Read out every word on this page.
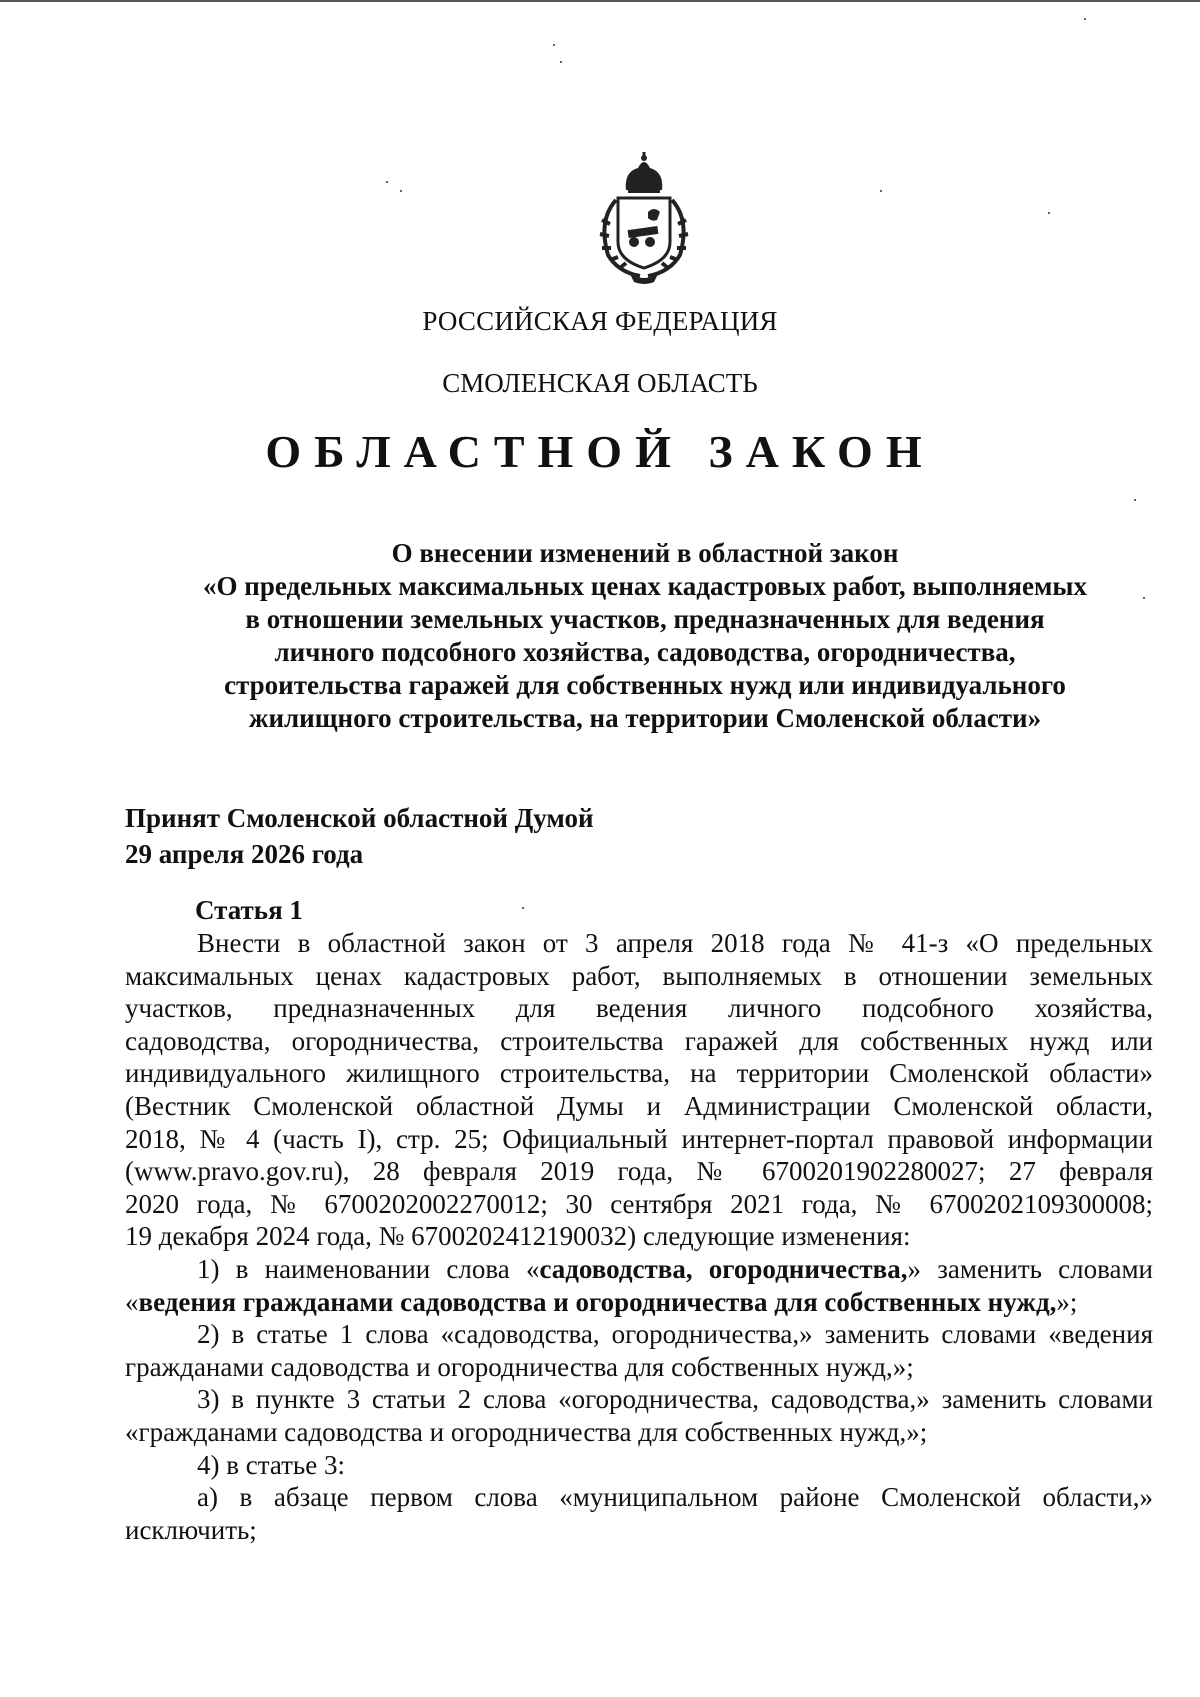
РОССИЙСКАЯ ФЕДЕРАЦИЯ
СМОЛЕНСКАЯ ОБЛАСТЬ
ОБЛАСТНОЙ ЗАКОН
О внесении изменений в областной закон
«О предельных максимальных ценах кадастровых работ, выполняемых
в отношении земельных участков, предназначенных для ведения
личного подсобного хозяйства, садоводства, огородничества,
строительства гаражей для собственных нужд или индивидуального
жилищного строительства, на территории Смоленской области»
Принят Смоленской областной Думой
29 апреля 2026 года
Статья 1
Внести в областной закон от 3 апреля 2018 года № 41-з «О предельных
максимальных ценах кадастровых работ, выполняемых в отношении земельных
участков, предназначенных для ведения личного подсобного хозяйства,
садоводства, огородничества, строительства гаражей для собственных нужд или
индивидуального жилищного строительства, на территории Смоленской области»
(Вестник Смоленской областной Думы и Администрации Смоленской области,
2018, № 4 (часть I), стр. 25; Официальный интернет-портал правовой информации
(www.pravo.gov.ru), 28 февраля 2019 года, № 6700201902280027; 27 февраля
2020 года, № 6700202002270012; 30 сентября 2021 года, № 6700202109300008;
19 декабря 2024 года, № 6700202412190032) следующие изменения:
1) в наименовании слова «садоводства, огородничества,» заменить словами
«ведения гражданами садоводства и огородничества для собственных нужд,»;
2) в статье 1 слова «садоводства, огородничества,» заменить словами «ведения
гражданами садоводства и огородничества для собственных нужд,»;
3) в пункте 3 статьи 2 слова «огородничества, садоводства,» заменить словами
«гражданами садоводства и огородничества для собственных нужд,»;
4) в статье 3:
а) в абзаце первом слова «муниципальном районе Смоленской области,»
исключить;
